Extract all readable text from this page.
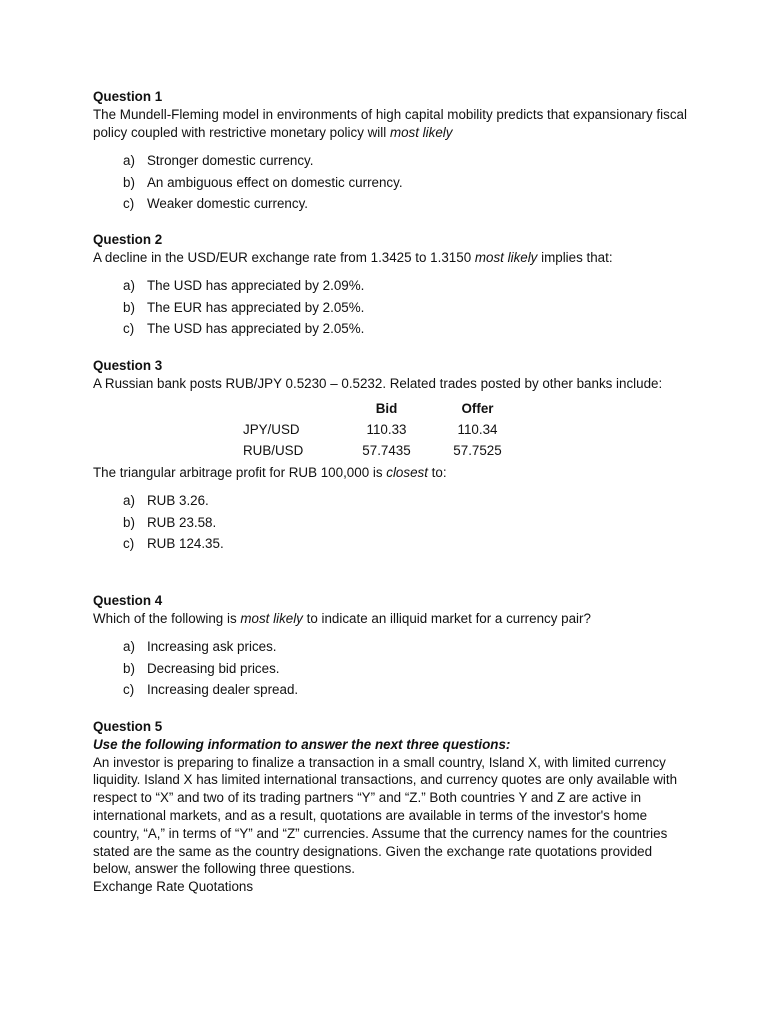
Question 1
The Mundell-Fleming model in environments of high capital mobility predicts that expansionary fiscal policy coupled with restrictive monetary policy will most likely
a) Stronger domestic currency.
b) An ambiguous effect on domestic currency.
c) Weaker domestic currency.
Question 2
A decline in the USD/EUR exchange rate from 1.3425 to 1.3150 most likely implies that:
a) The USD has appreciated by 2.09%.
b) The EUR has appreciated by 2.05%.
c) The USD has appreciated by 2.05%.
Question 3
A Russian bank posts RUB/JPY 0.5230 – 0.5232. Related trades posted by other banks include:
	Bid	Offer
JPY/USD	110.33	110.34
RUB/USD	57.7435	57.7525
The triangular arbitrage profit for RUB 100,000 is closest to:
a) RUB 3.26.
b) RUB 23.58.
c) RUB 124.35.
Question 4
Which of the following is most likely to indicate an illiquid market for a currency pair?
a) Increasing ask prices.
b) Decreasing bid prices.
c) Increasing dealer spread.
Question 5
Use the following information to answer the next three questions:
An investor is preparing to finalize a transaction in a small country, Island X, with limited currency liquidity. Island X has limited international transactions, and currency quotes are only available with respect to “X” and two of its trading partners “Y” and “Z.” Both countries Y and Z are active in international markets, and as a result, quotations are available in terms of the investor's home country, “A,” in terms of “Y” and “Z” currencies. Assume that the currency names for the countries stated are the same as the country designations. Given the exchange rate quotations provided below, answer the following three questions.
Exchange Rate Quotations
